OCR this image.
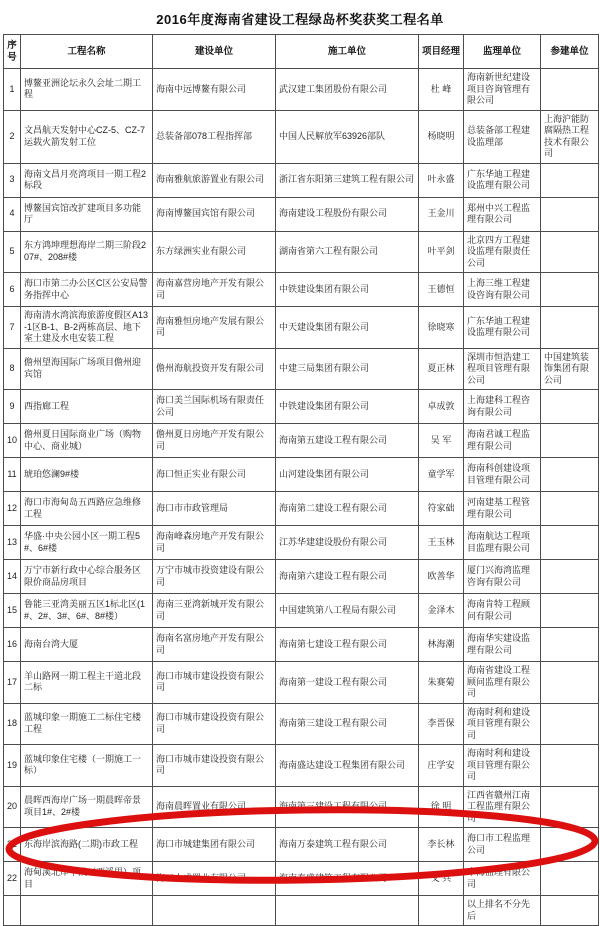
2016年度海南省建设工程绿岛杯奖获奖工程名单
序号	工程名称	建设单位	施工单位	项目经理	监理单位	参建单位
1	博鳌亚洲论坛永久会址二期工程	海南中远博鳌有限公司	武汉建工集团股份有限公司	杜 峰	海南新世纪建设项目咨询管理有限公司	
2	文昌航天发射中心CZ-5、CZ-7运载火箭发射工位	总装备部078工程指挥部	中国人民解放军63926部队	杨晓明	总装备部工程建设监理部	上海沪能防腐隔热工程技术有限公司
3	海南文昌月亮湾项目一期工程2标段	海南雅航旅游置业有限公司	浙江省东阳第三建筑工程有限公司	叶永盛	广东华迪工程建设监理有限公司	
4	博鳌国宾馆改扩建项目多功能厅	海南博鳌国宾馆有限公司	海南建设工程股份有限公司	王金川	郑州中兴工程监理有限公司	
5	东方鸿坤理想海岸二期三阶段207#、208#楼	东方绿洲实业有限公司	湖南省第六工程有限公司	叶平剑	北京四方工程建设监理有限责任公司	
6	海口市第二办公区C区公安局警务指挥中心	海南嘉营房地产开发有限公司	中铁建设集团有限公司	王德恒	上海三维工程建设咨询有限公司	
7	海南清水湾滨海旅游度假区A13-1区B-1、B-2两栋高层、地下室土建及水电安装工程	海南雅恒房地产发展有限公司	中天建设集团有限公司	徐晓寒	广东华迪工程建设监理有限公司	
8	儋州望海国际广场项目儋州迎宾馆	儋州海航投资开发有限公司	中建三局集团有限公司	夏正林	深圳市恒浩建工程项目管理有限公司	中国建筑装饰集团有限公司
9	西指廊工程	海口美兰国际机场有限责任公司	中铁建设集团有限公司	卓成敦	上海建科工程咨询有限公司	
10	儋州夏日国际商业广场（购物中心、商业城）	儋州夏日房地产开发有限公司	海南第五建设工程有限公司	吴 军	海南君诚工程监理有限公司	
11	琥珀悠澜9#楼	海口恒正实业有限公司	山河建设集团有限公司	童学军	海南科创建设项目管理有限公司	
12	海口市海甸岛五西路应急维修工程	海口市市政管理局	海南第二建设工程有限公司	符家础	河南建基工程管理有限公司	
13	华盛·中央公园小区一期工程5#、6#楼	海南峰森房地产开发有限公司	江苏华建建设股份有限公司	王玉林	海南航达工程项目监理有限公司	
14	万宁市新行政中心综合服务区限价商品房项目	万宁市城市投资建设有限公司	海南第六建设工程有限公司	欧善华	厦门兴海湾监理咨询有限公司	
15	鲁能三亚湾美丽五区1标北区(1#、2#、3#、6#、8#楼）	海南三亚湾新城开发有限公司	中国建筑第八工程局有限公司	金泽木	海南肯特工程顾问有限公司	
16	海南台湾大厦	海南名富房地产开发有限公司	海南第七建设工程有限公司	林海潮	海南华实建设监理有限公司	
17	羊山路网一期工程主干道北段二标	海口市城市建设投资有限公司	海南第一建设工程有限公司	朱赛菊	海南省建设工程顾问监理有限公司	
18	蓝城印象一期施工二标住宅楼工程	海口市城市建设投资有限公司	海南第三建设工程有限公司	李晋保	海南时利和建设项目管理有限公司	
19	蓝城印象住宅楼（一期施工一标）	海口市城市建设投资有限公司	海南盛达建设工程集团有限公司	庄学安	海南时利和建设项目管理有限公司	
20	晨晖西海岸广场一期晨晖帝景项目1#、2#楼	海南晨晖置业有限公司	海南第三建设工程有限公司	徐 明	江西省赣州江南工程监理有限公司	
21	东海岸滨海路(二期)市政工程	海口市城建集团有限公司	海南万泰建筑工程有限公司	李长林	海口市工程监理公司	
22	海甸溪北岸中段（西溪里）项目	海口大成置业有限公司	海南泰盛建筑工程有限公司	文 兵	中海监理有限公司	
					以上排名不分先后	
